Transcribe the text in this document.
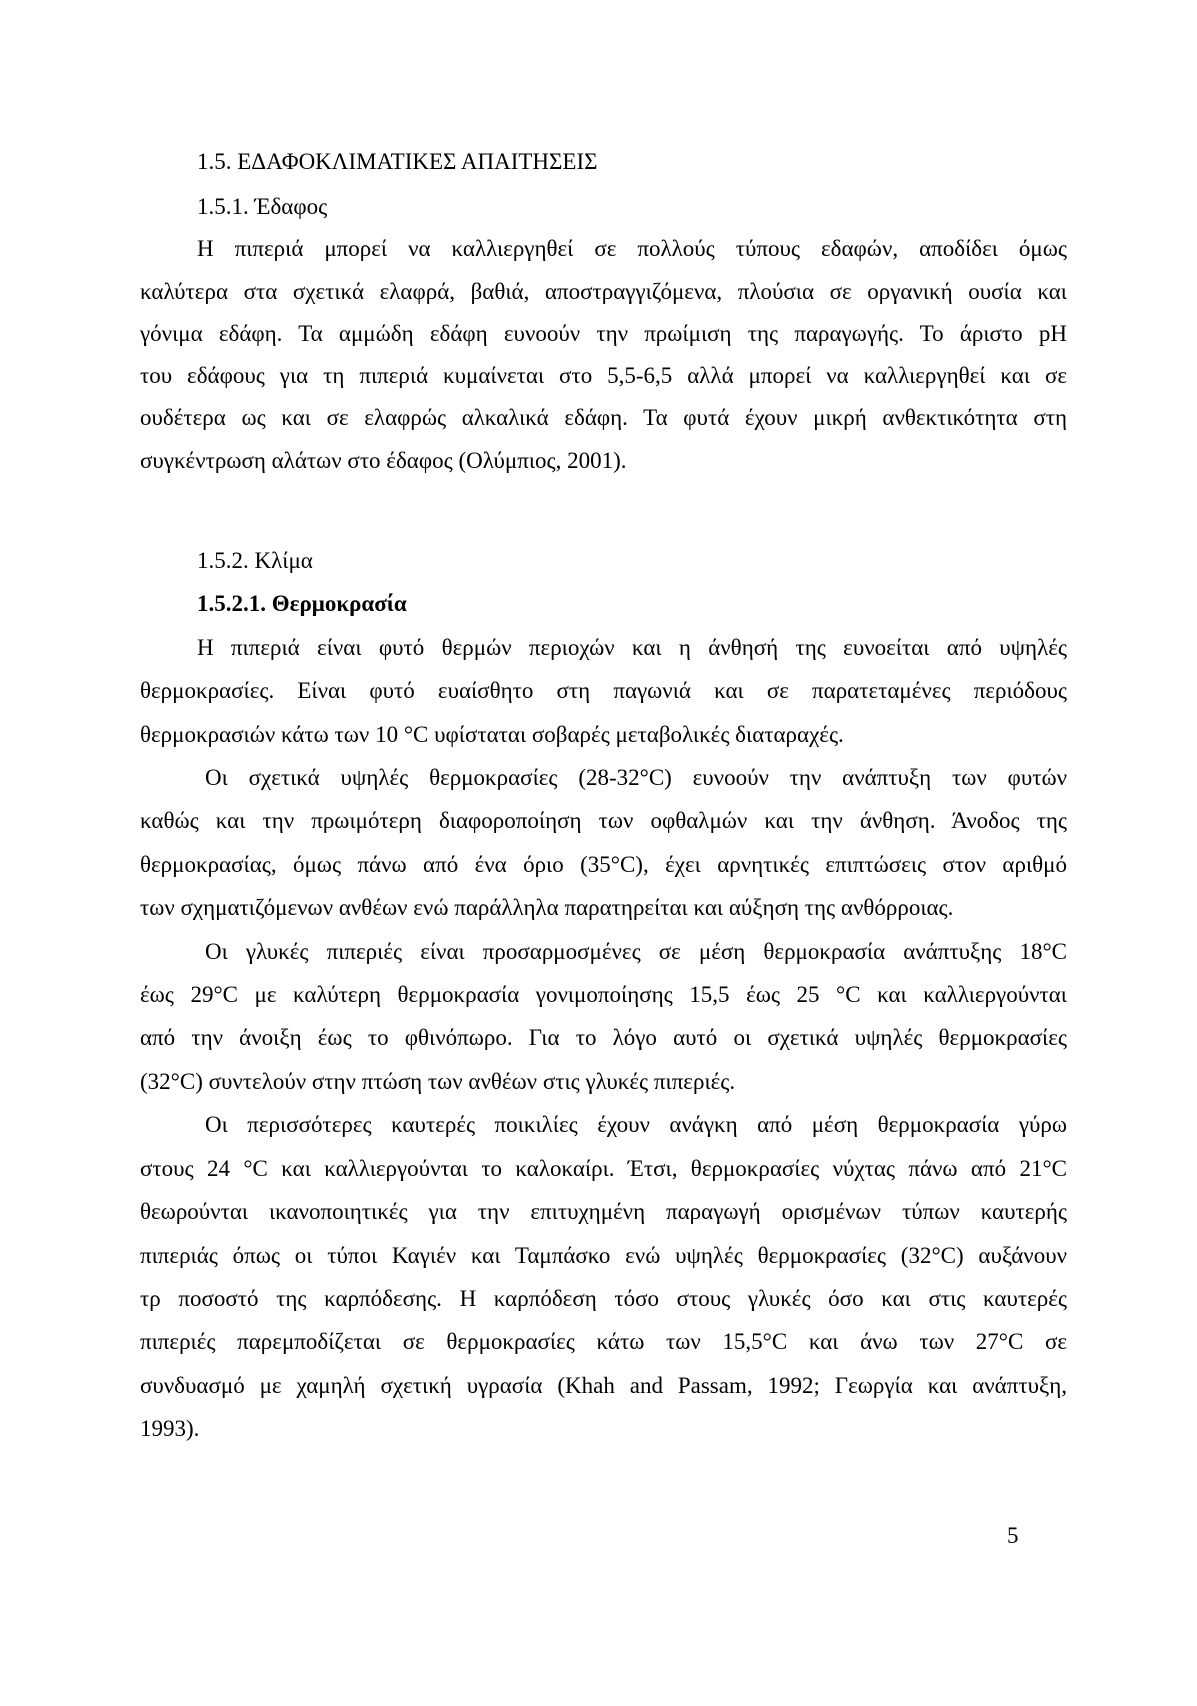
1.5. ΕΔΑΦΟΚΛΙΜΑΤΙΚΕΣ ΑΠΑΙΤΗΣΕΙΣ
1.5.1. Έδαφος
Η πιπεριά μπορεί να καλλιεργηθεί σε πολλούς τύπους εδαφών, αποδίδει όμως
καλύτερα στα σχετικά ελαφρά, βαθιά, αποστραγγιζόμενα, πλούσια σε οργανική ουσία και
γόνιμα εδάφη. Τα αμμώδη εδάφη ευνοούν την πρωίμιση της παραγωγής. Το άριστο pH
του εδάφους για τη πιπεριά κυμαίνεται στο 5,5-6,5 αλλά μπορεί να καλλιεργηθεί και σε
ουδέτερα ως και σε ελαφρώς αλκαλικά εδάφη. Τα φυτά έχουν μικρή ανθεκτικότητα στη
συγκέντρωση αλάτων στο έδαφος (Ολύμπιος, 2001).
1.5.2. Κλίμα
1.5.2.1. Θερμοκρασία
Η πιπεριά είναι φυτό θερμών περιοχών και η άνθησή της ευνοείται από υψηλές
θερμοκρασίες. Είναι φυτό ευαίσθητο στη παγωνιά και σε παρατεταμένες περιόδους
θερμοκρασιών κάτω των 10 °C υφίσταται σοβαρές μεταβολικές διαταραχές.
Οι σχετικά υψηλές θερμοκρασίες (28-32°C) ευνοούν την ανάπτυξη των φυτών
καθώς και την πρωιμότερη διαφοροποίηση των οφθαλμών και την άνθηση. Άνοδος της
θερμοκρασίας, όμως πάνω από ένα όριο (35°C), έχει αρνητικές επιπτώσεις στον αριθμό
των σχηματιζόμενων ανθέων ενώ παράλληλα παρατηρείται και αύξηση της ανθόρροιας.
Οι γλυκές πιπεριές είναι προσαρμοσμένες σε μέση θερμοκρασία ανάπτυξης 18°C
έως 29°C με καλύτερη θερμοκρασία γονιμοποίησης 15,5 έως 25 °C και καλλιεργούνται
από την άνοιξη έως το φθινόπωρο. Για το λόγο αυτό οι σχετικά υψηλές θερμοκρασίες
(32°C) συντελούν στην πτώση των ανθέων στις γλυκές πιπεριές.
Οι περισσότερες καυτερές ποικιλίες έχουν ανάγκη από μέση θερμοκρασία γύρω
στους 24 °C και καλλιεργούνται το καλοκαίρι. Έτσι, θερμοκρασίες νύχτας πάνω από 21°C
θεωρούνται ικανοποιητικές για την επιτυχημένη παραγωγή ορισμένων τύπων καυτερής
πιπεριάς όπως οι τύποι Καγιέν και Ταμπάσκο ενώ υψηλές θερμοκρασίες (32°C) αυξάνουν
τρ ποσοστό της καρπόδεσης. Η καρπόδεση τόσο στους γλυκές όσο και στις καυτερές
πιπεριές παρεμποδίζεται σε θερμοκρασίες κάτω των 15,5°C και άνω των 27°C σε
συνδυασμό με χαμηλή σχετική υγρασία (Khah and Passam, 1992; Γεωργία και ανάπτυξη,
1993).
5
